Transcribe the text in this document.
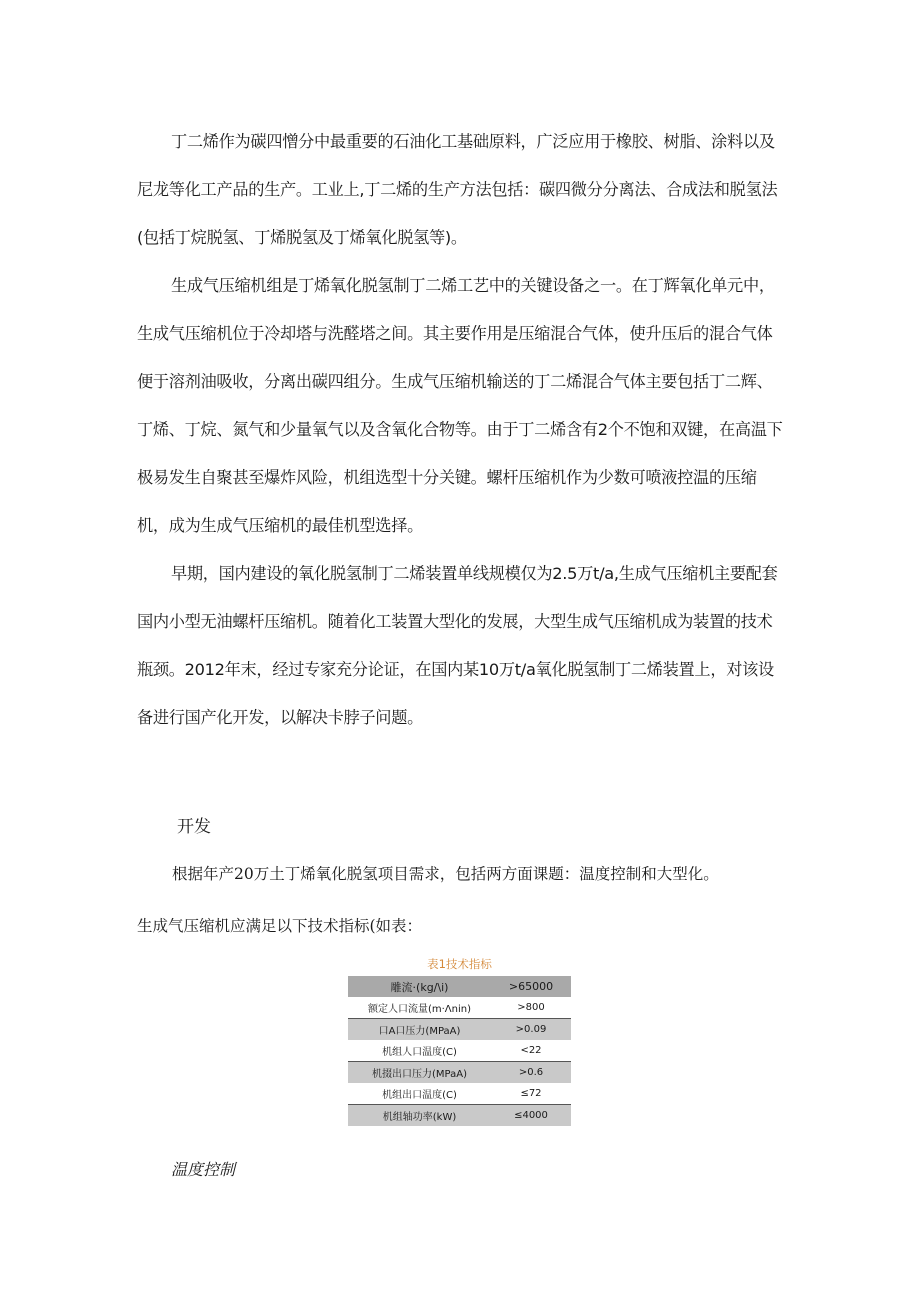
丁二烯作为碳四憎分中最重要的石油化工基础原料，广泛应用于橡胶、树脂、涂料以及尼龙等化工产品的生产。工业上,丁二烯的生产方法包括：碳四微分分离法、合成法和脱氢法(包括丁烷脱氢、丁烯脱氢及丁烯氧化脱氢等)。

生成气压缩机组是丁烯氧化脱氢制丁二烯工艺中的关键设备之一。在丁辉氧化单元中，生成气压缩机位于冷却塔与洗醛塔之间。其主要作用是压缩混合气体，使升压后的混合气体便于溶剂油吸收，分离出碳四组分。生成气压缩机输送的丁二烯混合气体主要包括丁二辉、丁烯、丁烷、氮气和少量氧气以及含氧化合物等。由于丁二烯含有2个不饱和双键，在高温下极易发生自聚甚至爆炸风险，机组选型十分关键。螺杆压缩机作为少数可喷液控温的压缩机，成为生成气压缩机的最佳机型选择。

早期，国内建设的氧化脱氢制丁二烯装置单线规模仅为2.5万t/a,生成气压缩机主要配套国内小型无油螺杆压缩机。随着化工装置大型化的发展，大型生成气压缩机成为装置的技术瓶颈。2012年末，经过专家充分论证，在国内某10万t/a氧化脱氢制丁二烯装置上，对该设备进行国产化开发，以解决卡脖子问题。

开发

根据年产20万土丁烯氧化脱氢项目需求，包括两方面课题：温度控制和大型化。

生成气压缩机应满足以下技术指标(如表：

表1技术指标

雕流·(kg∕\i)	>65000
额定人口流量(m·Λnin)	>800
口A口压力(MPaA)	>0.09
机组人口温度(C)	<22
机掇出口压力(MPaA)	>0.6
机组出口温度(C)	≤72
机组轴功率(kW)	≤4000

温度控制
